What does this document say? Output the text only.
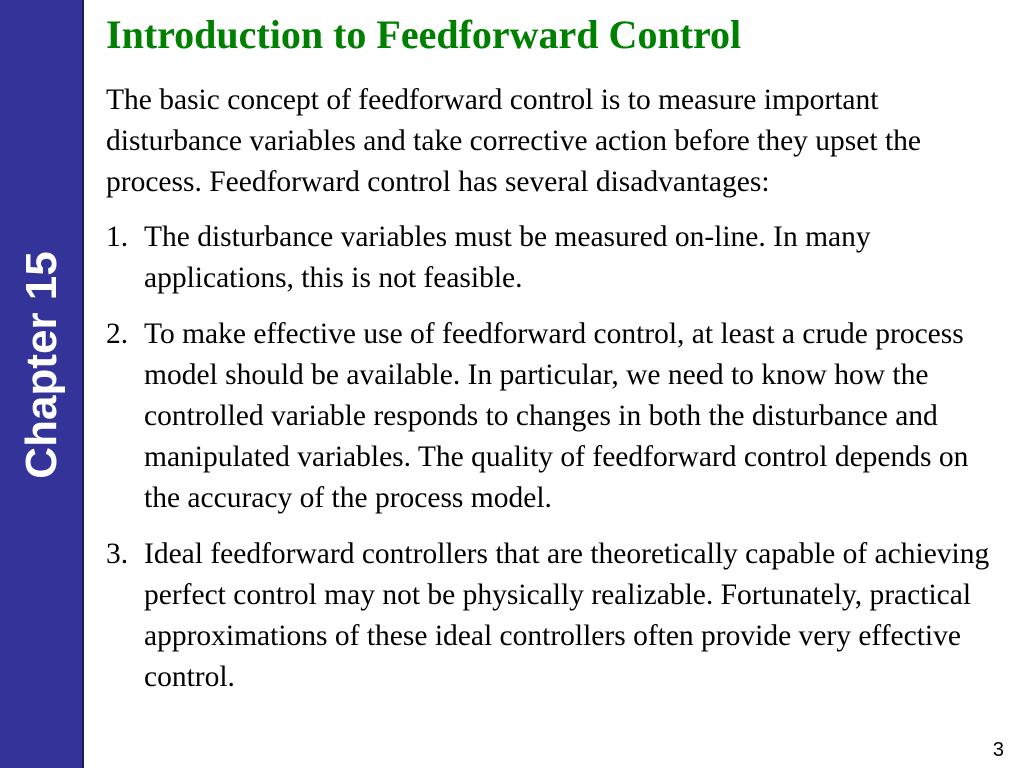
Chapter 15
Introduction to Feedforward Control

The basic concept of feedforward control is to measure important disturbance variables and take corrective action before they upset the process. Feedforward control has several disadvantages:

1. The disturbance variables must be measured on-line. In many applications, this is not feasible.
2. To make effective use of feedforward control, at least a crude process model should be available. In particular, we need to know how the controlled variable responds to changes in both the disturbance and manipulated variables. The quality of feedforward control depends on the accuracy of the process model.
3. Ideal feedforward controllers that are theoretically capable of achieving perfect control may not be physically realizable. Fortunately, practical approximations of these ideal controllers often provide very effective control.
3
